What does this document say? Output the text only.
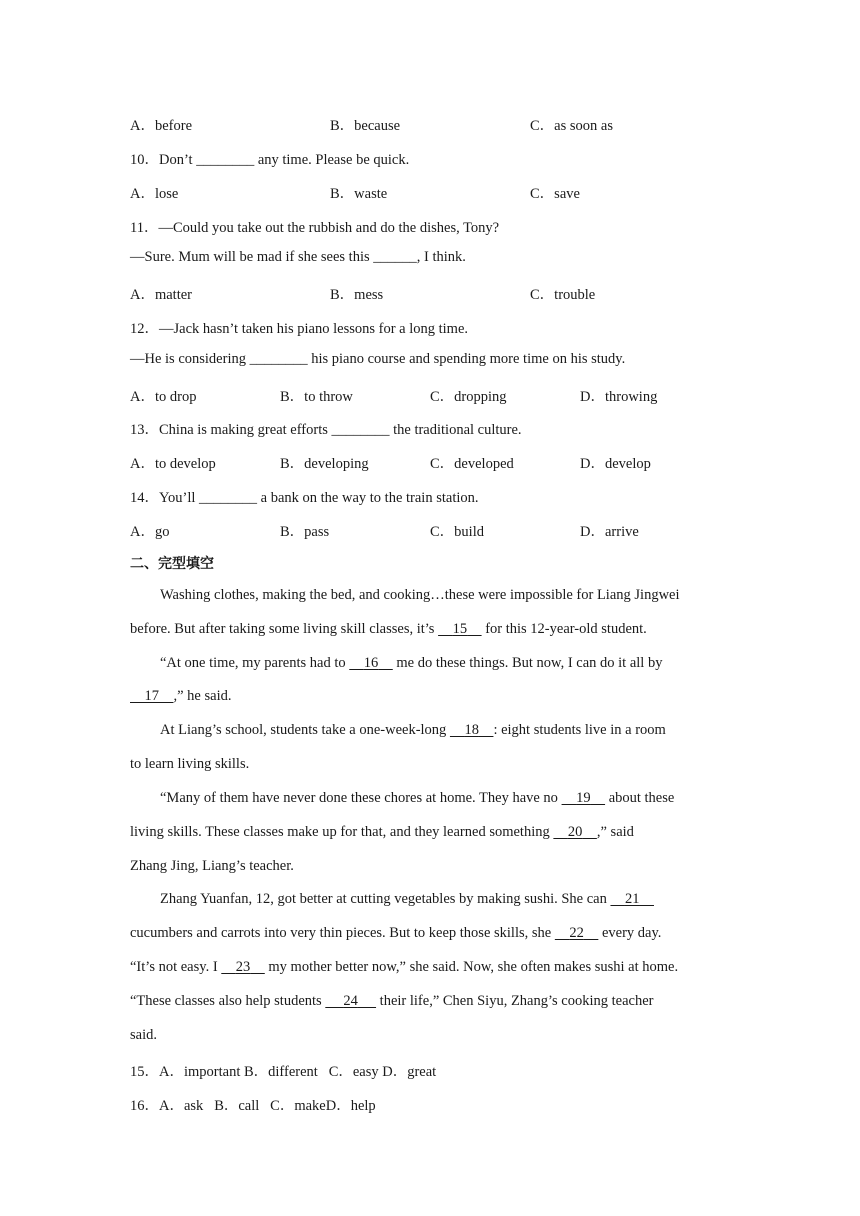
A．before	B．because	C．as soon as
10．Don’t ________ any time. Please be quick.
A．lose	B．waste	C．save
11．—Could you take out the rubbish and do the dishes, Tony?
—Sure. Mum will be mad if she sees this ______, I think.
A．matter	B．mess	C．trouble
12．—Jack hasn’t taken his piano lessons for a long time.
—He is considering ________ his piano course and spending more time on his study.
A．to drop	B．to throw	C．dropping	D．throwing
13．China is making great efforts ________ the traditional culture.
A．to develop	B．developing	C．developed	D．develop
14．You’ll ________ a bank on the way to the train station.
A．go	B．pass	C．build	D．arrive
二、完型填空
Washing clothes, making the bed, and cooking…these were impossible for Liang Jingwei
before. But after taking some living skill classes, it’s     15     for this 12-year-old student.
“At one time, my parents had to     16     me do these things. But now, I can do it all by
17 ,” he said.
At Liang’s school, students take a one-week-long     18 : eight students live in a room
to learn living skills.
“Many of them have never done these chores at home. They have no     19     about these
living skills. These classes make up for that, and they learned something     20 ,” said
Zhang Jing, Liang’s teacher.
Zhang Yuanfan, 12, got better at cutting vegetables by making sushi. She can     21
cucumbers and carrots into very thin pieces. But to keep those skills, she     22     every day.
“It’s not easy. I     23     my mother better now,” she said. Now, she often makes sushi at home.
“These classes also help students      24      their life,” Chen Siyu, Zhang’s cooking teacher
said.
15．A．important B．different C．easy D．great
16．A．ask B．call C．makeD．help
